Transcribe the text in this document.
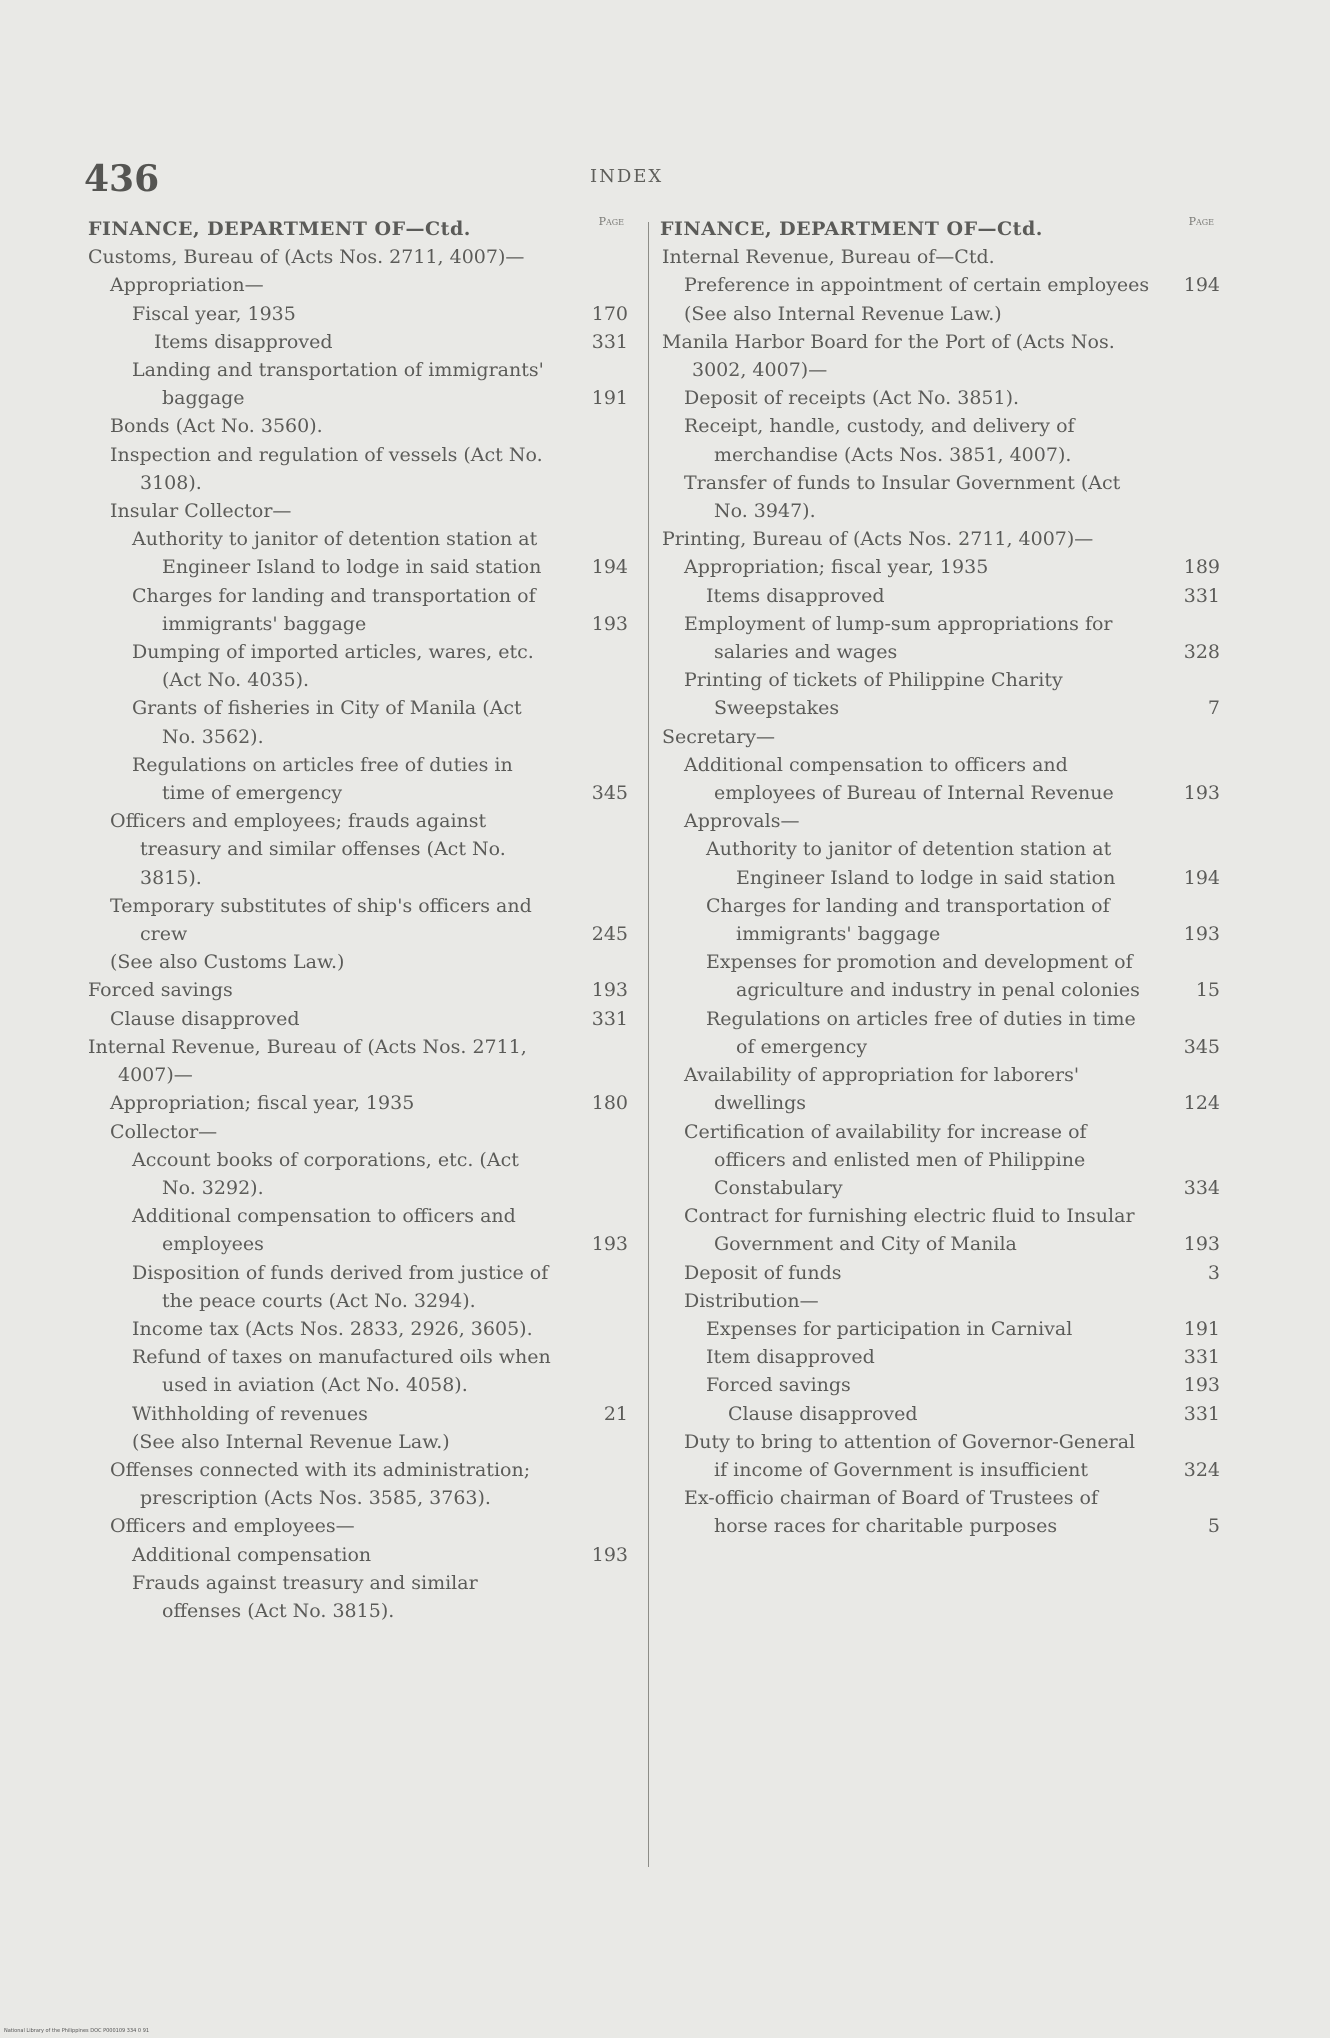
436	INDEX
Page
FINANCE, DEPARTMENT OF—Ctd.
Customs, Bureau of (Acts Nos. 2711, 4007)—
Appropriation—
Fiscal year, 1935	170
Items disapproved	331
Landing and transportation of immigrants' baggage	191
Bonds (Act No. 3560).
Inspection and regulation of vessels (Act No. 3108).
Insular Collector—
Authority to janitor of detention station at Engineer Island to lodge in said station	194
Charges for landing and transportation of immigrants' baggage	193
Dumping of imported articles, wares, etc. (Act No. 4035).
Grants of fisheries in City of Manila (Act No. 3562).
Regulations on articles free of duties in time of emergency	345
Officers and employees; frauds against treasury and similar offenses (Act No. 3815).
Temporary substitutes of ship's officers and crew	245
(See also Customs Law.)
Forced savings	193
Clause disapproved	331
Internal Revenue, Bureau of (Acts Nos. 2711, 4007)—
Appropriation; fiscal year, 1935	180
Collector—
Account books of corporations, etc. (Act No. 3292).
Additional compensation to officers and employees	193
Disposition of funds derived from justice of the peace courts (Act No. 3294).
Income tax (Acts Nos. 2833, 2926, 3605).
Refund of taxes on manufactured oils when used in aviation (Act No. 4058).
Withholding of revenues	21
(See also Internal Revenue Law.)
Offenses connected with its administration; prescription (Acts Nos. 3585, 3763).
Officers and employees—
Additional compensation	193
Frauds against treasury and similar offenses (Act No. 3815).
Page
FINANCE, DEPARTMENT OF—Ctd.
Internal Revenue, Bureau of—Ctd.
Preference in appointment of certain employees	194
(See also Internal Revenue Law.)
Manila Harbor Board for the Port of (Acts Nos. 3002, 4007)—
Deposit of receipts (Act No. 3851).
Receipt, handle, custody, and delivery of merchandise (Acts Nos. 3851, 4007).
Transfer of funds to Insular Government (Act No. 3947).
Printing, Bureau of (Acts Nos. 2711, 4007)—
Appropriation; fiscal year, 1935	189
Items disapproved	331
Employment of lump-sum appropriations for salaries and wages	328
Printing of tickets of Philippine Charity Sweepstakes	7
Secretary—
Additional compensation to officers and employees of Bureau of Internal Revenue	193
Approvals—
Authority to janitor of detention station at Engineer Island to lodge in said station	194
Charges for landing and transportation of immigrants' baggage	193
Expenses for promotion and development of agriculture and industry in penal colonies	15
Regulations on articles free of duties in time of emergency	345
Availability of appropriation for laborers' dwellings	124
Certification of availability for increase of officers and enlisted men of Philippine Constabulary	334
Contract for furnishing electric fluid to Insular Government and City of Manila	193
Deposit of funds	3
Distribution—
Expenses for participation in Carnival	191
Item disapproved	331
Forced savings	193
Clause disapproved	331
Duty to bring to attention of Governor-General if income of Government is insufficient	324
Ex-officio chairman of Board of Trustees of horse races for charitable purposes	5
National Library of the Philippines DOC P000109 334 0 91
